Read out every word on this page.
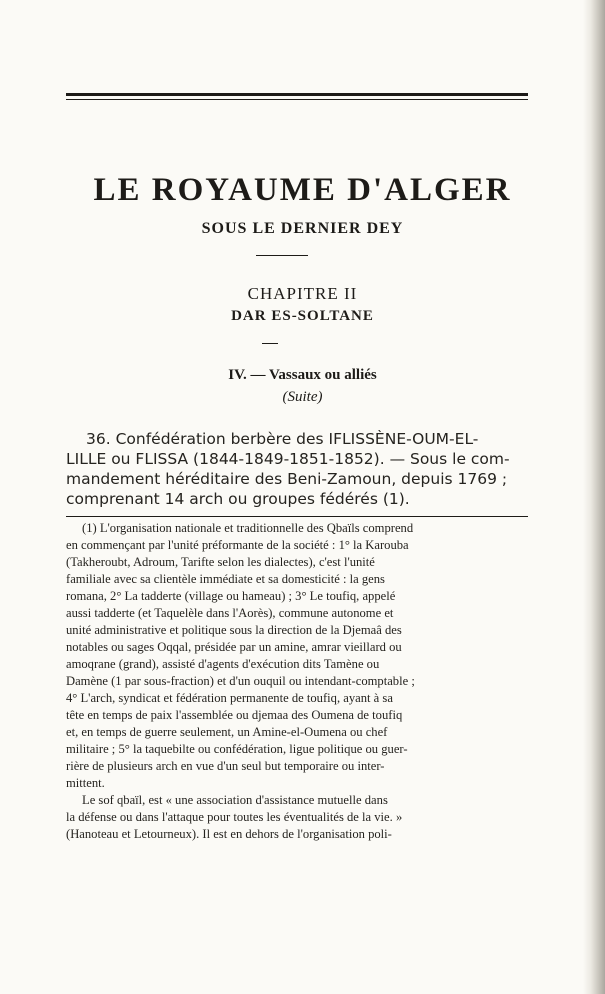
LE ROYAUME D'ALGER
SOUS LE DERNIER DEY
CHAPITRE II
DAR ES-SOLTANE
IV. — Vassaux ou alliés
(Suite)
36. Confédération berbère des IFLISSÈNE-OUM-EL-
LILLE ou FLISSA (1844-1849-1851-1852). — Sous le com-
mandement héréditaire des Beni-Zamoun, depuis 1769 ;
comprenant 14 arch ou groupes fédérés (1).
(1) L'organisation nationale et traditionnelle des Qbaïls comprend
en commençant par l'unité préformante de la société : 1° la Karouba
(Takheroubt, Adroum, Tarifte selon les dialectes), c'est l'unité
familiale avec sa clientèle immédiate et sa domesticité : la gens
romana, 2° La tadderte (village ou hameau) ; 3° Le toufiq, appelé
aussi tadderte (et Taquelèle dans l'Aorès), commune autonome et
unité administrative et politique sous la direction de la Djemaâ des
notables ou sages Oqqal, présidée par un amine, amrar vieillard ou
amoqrane (grand), assisté d'agents d'exécution dits Tamène ou
Damène (1 par sous-fraction) et d'un ouquil ou intendant-comptable ;
4° L'arch, syndicat et fédération permanente de toufiq, ayant à sa
tête en temps de paix l'assemblée ou djemaa des Oumena de toufiq
et, en temps de guerre seulement, un Amine-el-Oumena ou chef
militaire ; 5° la taquebilte ou confédération, ligue politique ou guer-
rière de plusieurs arch en vue d'un seul but temporaire ou inter-
mittent.
Le sof qbaïl, est « une association d'assistance mutuelle dans
la défense ou dans l'attaque pour toutes les éventualités de la vie. »
(Hanoteau et Letourneux). Il est en dehors de l'organisation poli-
